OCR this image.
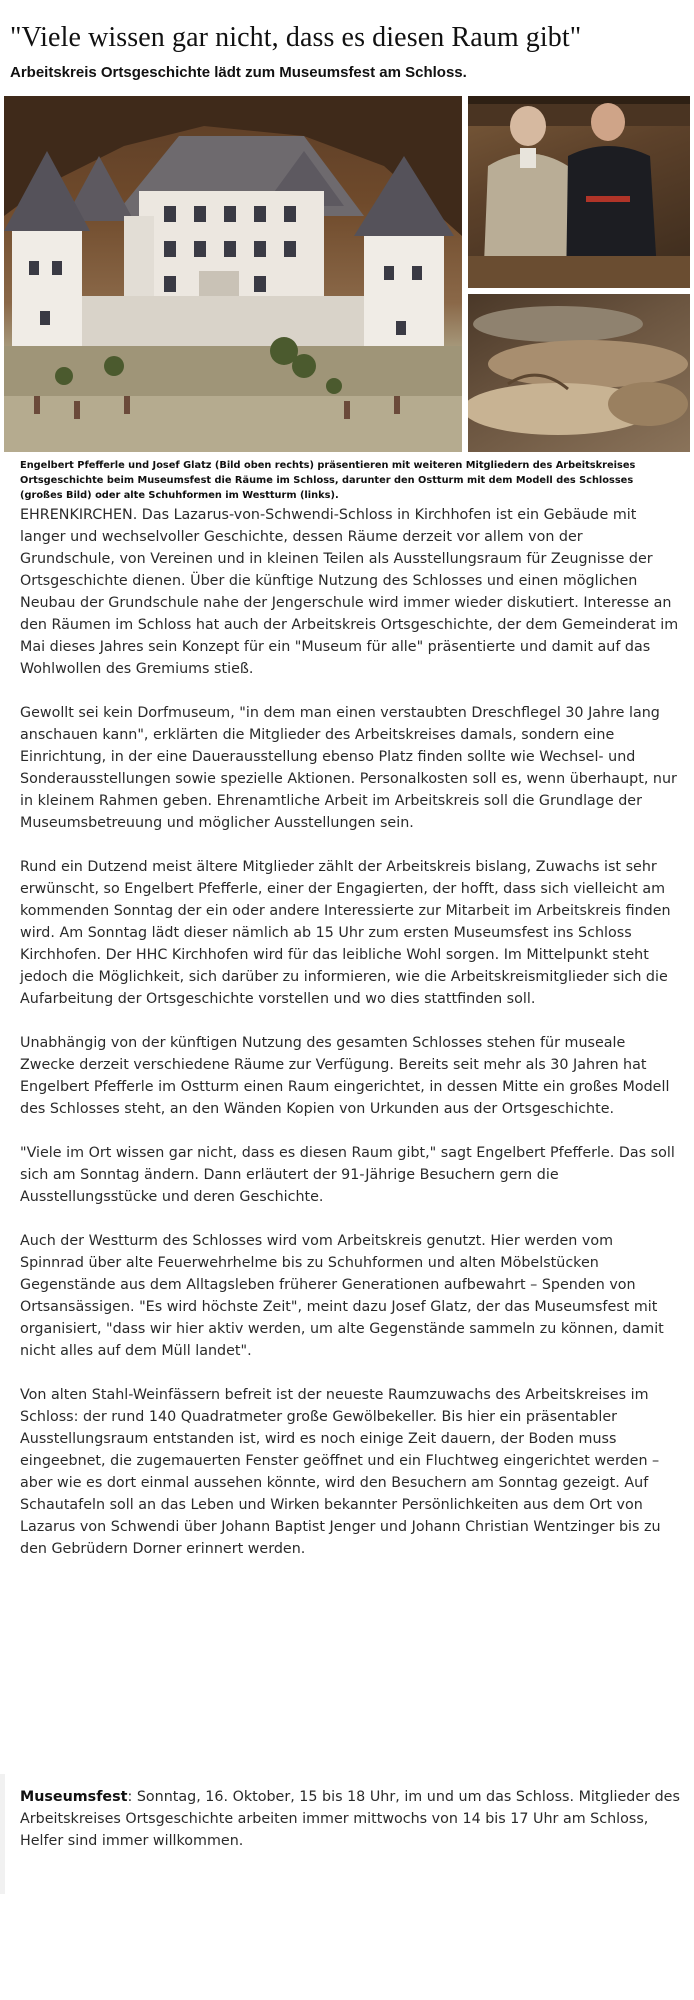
"Viele wissen gar nicht, dass es diesen Raum gibt"
Arbeitskreis Ortsgeschichte lädt zum Museumsfest am Schloss.

Engelbert Pfefferle und Josef Glatz (Bild oben rechts) präsentieren mit weiteren Mitgliedern des Arbeitskreises Ortsgeschichte beim Museumsfest die Räume im Schloss, darunter den Ostturm mit dem Modell des Schlosses (großes Bild) oder alte Schuhformen im Westturm (links).

EHRENKIRCHEN. Das Lazarus-von-Schwendi-Schloss in Kirchhofen ist ein Gebäude mit langer und wechselvoller Geschichte, dessen Räume derzeit vor allem von der Grundschule, von Vereinen und in kleinen Teilen als Ausstellungsraum für Zeugnisse der Ortsgeschichte dienen. Über die künftige Nutzung des Schlosses und einen möglichen Neubau der Grundschule nahe der Jengerschule wird immer wieder diskutiert. Interesse an den Räumen im Schloss hat auch der Arbeitskreis Ortsgeschichte, der dem Gemeinderat im Mai dieses Jahres sein Konzept für ein "Museum für alle" präsentierte und damit auf das Wohlwollen des Gremiums stieß.

Gewollt sei kein Dorfmuseum, "in dem man einen verstaubten Dreschflegel 30 Jahre lang anschauen kann", erklärten die Mitglieder des Arbeitskreises damals, sondern eine Einrichtung, in der eine Dauerausstellung ebenso Platz finden sollte wie Wechsel- und Sonderausstellungen sowie spezielle Aktionen. Personalkosten soll es, wenn überhaupt, nur in kleinem Rahmen geben. Ehrenamtliche Arbeit im Arbeitskreis soll die Grundlage der Museumsbetreuung und möglicher Ausstellungen sein.

Rund ein Dutzend meist ältere Mitglieder zählt der Arbeitskreis bislang, Zuwachs ist sehr erwünscht, so Engelbert Pfefferle, einer der Engagierten, der hofft, dass sich vielleicht am kommenden Sonntag der ein oder andere Interessierte zur Mitarbeit im Arbeitskreis finden wird. Am Sonntag lädt dieser nämlich ab 15 Uhr zum ersten Museumsfest ins Schloss Kirchhofen. Der HHC Kirchhofen wird für das leibliche Wohl sorgen. Im Mittelpunkt steht jedoch die Möglichkeit, sich darüber zu informieren, wie die Arbeitskreismitglieder sich die Aufarbeitung der Ortsgeschichte vorstellen und wo dies stattfinden soll.

Unabhängig von der künftigen Nutzung des gesamten Schlosses stehen für museale Zwecke derzeit verschiedene Räume zur Verfügung. Bereits seit mehr als 30 Jahren hat Engelbert Pfefferle im Ostturm einen Raum eingerichtet, in dessen Mitte ein großes Modell des Schlosses steht, an den Wänden Kopien von Urkunden aus der Ortsgeschichte.

"Viele im Ort wissen gar nicht, dass es diesen Raum gibt," sagt Engelbert Pfefferle. Das soll sich am Sonntag ändern. Dann erläutert der 91-Jährige Besuchern gern die Ausstellungsstücke und deren Geschichte.

Auch der Westturm des Schlosses wird vom Arbeitskreis genutzt. Hier werden vom Spinnrad über alte Feuerwehrhelme bis zu Schuhformen und alten Möbelstücken Gegenstände aus dem Alltagsleben früherer Generationen aufbewahrt – Spenden von Ortsansässigen. "Es wird höchste Zeit", meint dazu Josef Glatz, der das Museumsfest mit organisiert, "dass wir hier aktiv werden, um alte Gegenstände sammeln zu können, damit nicht alles auf dem Müll landet".

Von alten Stahl-Weinfässern befreit ist der neueste Raumzuwachs des Arbeitskreises im Schloss: der rund 140 Quadratmeter große Gewölbekeller. Bis hier ein präsentabler Ausstellungsraum entstanden ist, wird es noch einige Zeit dauern, der Boden muss eingeebnet, die zugemauerten Fenster geöffnet und ein Fluchtweg eingerichtet werden – aber wie es dort einmal aussehen könnte, wird den Besuchern am Sonntag gezeigt. Auf Schautafeln soll an das Leben und Wirken bekannter Persönlichkeiten aus dem Ort von Lazarus von Schwendi über Johann Baptist Jenger und Johann Christian Wentzinger bis zu den Gebrüdern Dorner erinnert werden.

Museumsfest: Sonntag, 16. Oktober, 15 bis 18 Uhr, im und um das Schloss. Mitglieder des Arbeitskreises Ortsgeschichte arbeiten immer mittwochs von 14 bis 17 Uhr am Schloss, Helfer sind immer willkommen.
